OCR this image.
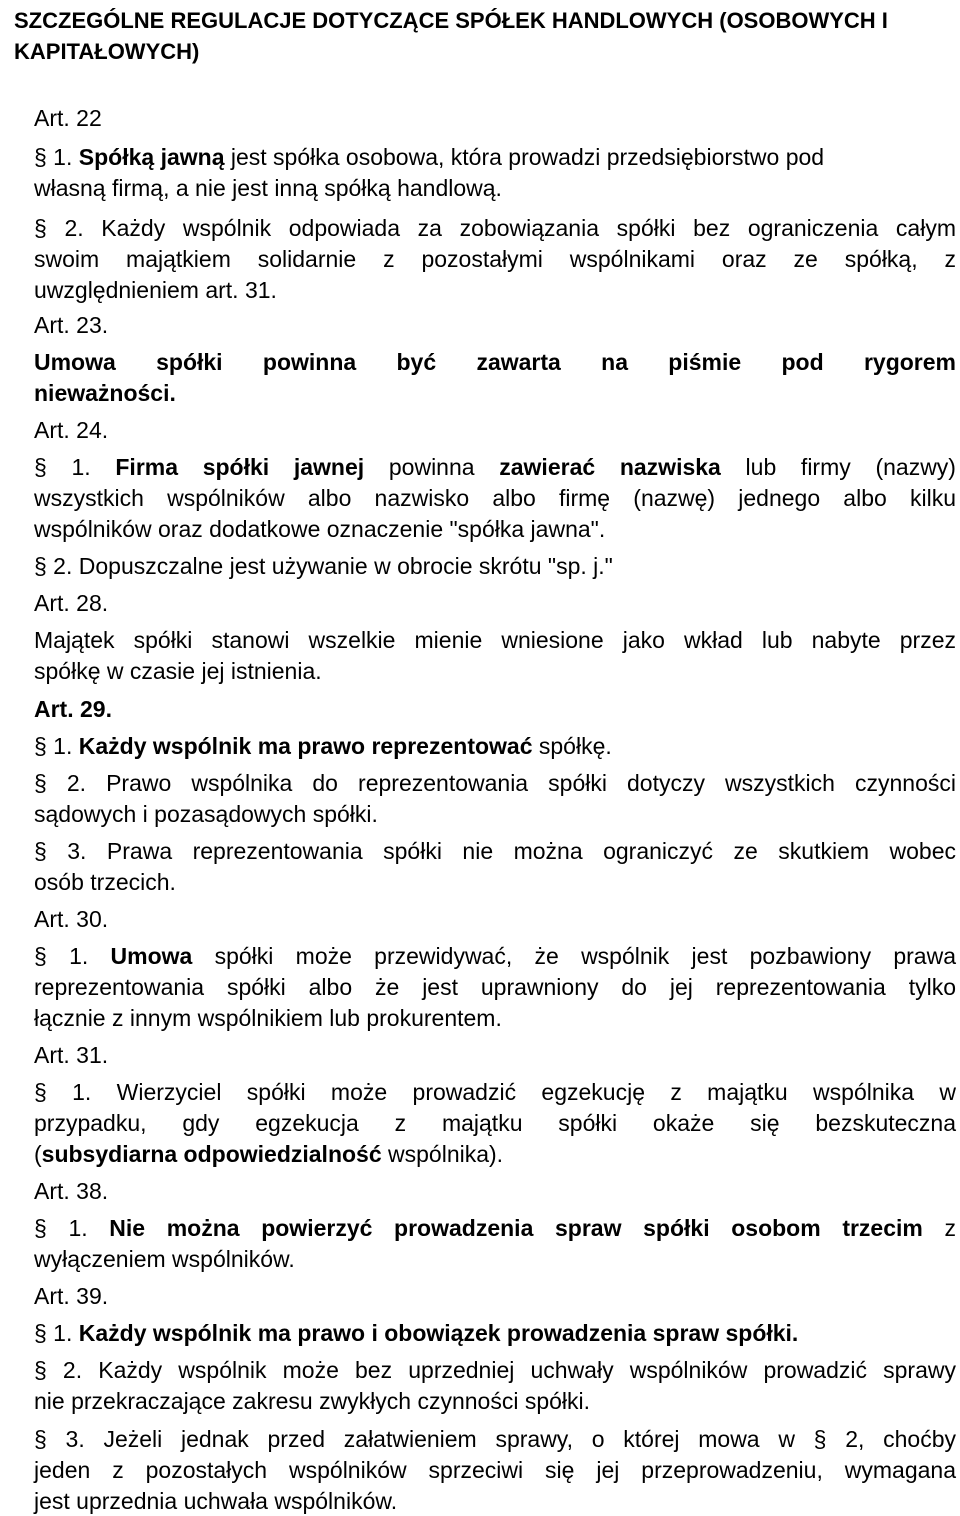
SZCZEGÓLNE REGULACJE DOTYCZĄCE SPÓŁEK HANDLOWYCH (OSOBOWYCH I
KAPITAŁOWYCH)
Art. 22
§ 1. Spółką jawną jest spółka osobowa, która prowadzi przedsiębiorstwo pod
własną firmą, a nie jest inną spółką handlową.
§ 2. Każdy wspólnik odpowiada za zobowiązania spółki bez ograniczenia całym
swoim majątkiem solidarnie z pozostałymi wspólnikami oraz ze spółką, z
uwzględnieniem art. 31.
Art. 23.
Umowa spółki powinna być zawarta na piśmie pod rygorem
nieważności.
Art. 24.
§ 1. Firma spółki jawnej powinna zawierać nazwiska lub firmy (nazwy)
wszystkich wspólników albo nazwisko albo firmę (nazwę) jednego albo kilku
wspólników oraz dodatkowe oznaczenie "spółka jawna".
§ 2. Dopuszczalne jest używanie w obrocie skrótu "sp. j."
Art. 28.
Majątek spółki stanowi wszelkie mienie wniesione jako wkład lub nabyte przez
spółkę w czasie jej istnienia.
Art. 29.
§ 1. Każdy wspólnik ma prawo reprezentować spółkę.
§ 2. Prawo wspólnika do reprezentowania spółki dotyczy wszystkich czynności
sądowych i pozasądowych spółki.
§ 3. Prawa reprezentowania spółki nie można ograniczyć ze skutkiem wobec
osób trzecich.
Art. 30.
§ 1. Umowa spółki może przewidywać, że wspólnik jest pozbawiony prawa
reprezentowania spółki albo że jest uprawniony do jej reprezentowania tylko
łącznie z innym wspólnikiem lub prokurentem.
Art. 31.
§ 1. Wierzyciel spółki może prowadzić egzekucję z majątku wspólnika w
przypadku, gdy egzekucja z majątku spółki okaże się bezskuteczna
(subsydiarna odpowiedzialność wspólnika).
Art. 38.
§ 1. Nie można powierzyć prowadzenia spraw spółki osobom trzecim z
wyłączeniem wspólników.
Art. 39.
§ 1. Każdy wspólnik ma prawo i obowiązek prowadzenia spraw spółki.
§ 2. Każdy wspólnik może bez uprzedniej uchwały wspólników prowadzić sprawy
nie przekraczające zakresu zwykłych czynności spółki.
§ 3. Jeżeli jednak przed załatwieniem sprawy, o której mowa w § 2, choćby
jeden z pozostałych wspólników sprzeciwi się jej przeprowadzeniu, wymagana
jest uprzednia uchwała wspólników.
